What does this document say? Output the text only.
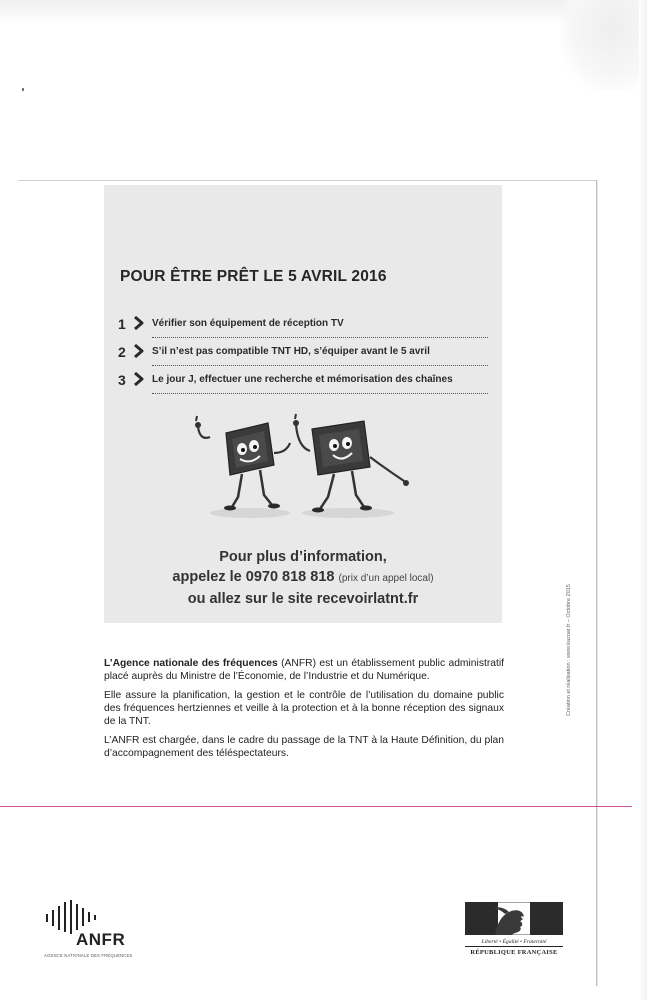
POUR ÊTRE PRÊT LE 5 AVRIL 2016
1	Vérifier son équipement de réception TV
2	S’il n’est pas compatible TNT HD, s’équiper avant le 5 avril
3	Le jour J, effectuer une recherche et mémorisation des chaînes
Pour plus d’information,
appelez le 0970 818 818 (prix d’un appel local)
ou allez sur le site recevoirlatnt.fr

L’Agence nationale des fréquences (ANFR) est un établissement public administratif placé auprès du Ministre de l’Économie, de l’Industrie et du Numérique.

Elle assure la planification, la gestion et le contrôle de l’utilisation du domaine public des fréquences hertziennes et veille à la protection et à la bonne réception des signaux de la TNT.

L’ANFR est chargée, dans le cadre du passage de la TNT à la Haute Définition, du plan d’accompagnement des téléspectateurs.

Création et réalisation : www.kazoar.fr – Octobre 2015
ANFR
AGENCE NATIONALE DES FRÉQUENCES
Liberté • Égalité • Fraternité
RÉPUBLIQUE FRANÇAISE
